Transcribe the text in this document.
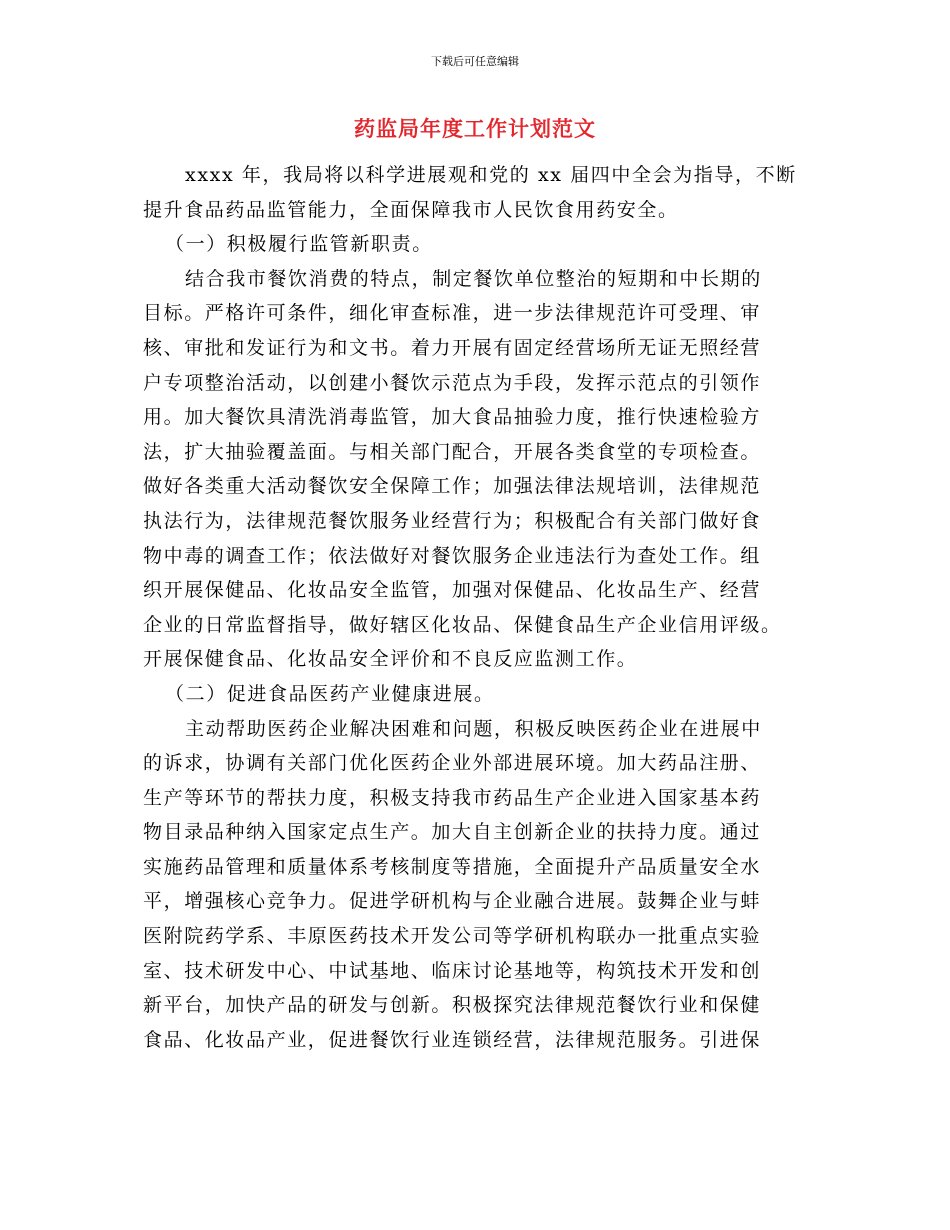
下载后可任意编辑
药监局年度工作计划范文
xxxx 年，我局将以科学进展观和党的 xx 届四中全会为指导，不断
提升食品药品监管能力，全面保障我市人民饮食用药安全。
（一）积极履行监管新职责。
结合我市餐饮消费的特点，制定餐饮单位整治的短期和中长期的
目标。严格许可条件，细化审查标准，进一步法律规范许可受理、审
核、审批和发证行为和文书。着力开展有固定经营场所无证无照经营
户专项整治活动，以创建小餐饮示范点为手段，发挥示范点的引领作
用。加大餐饮具清洗消毒监管，加大食品抽验力度，推行快速检验方
法，扩大抽验覆盖面。与相关部门配合，开展各类食堂的专项检查。
做好各类重大活动餐饮安全保障工作；加强法律法规培训，法律规范
执法行为，法律规范餐饮服务业经营行为；积极配合有关部门做好食
物中毒的调查工作；依法做好对餐饮服务企业违法行为查处工作。组
织开展保健品、化妆品安全监管，加强对保健品、化妆品生产、经营
企业的日常监督指导，做好辖区化妆品、保健食品生产企业信用评级。
开展保健食品、化妆品安全评价和不良反应监测工作。
（二）促进食品医药产业健康进展。
主动帮助医药企业解决困难和问题，积极反映医药企业在进展中
的诉求，协调有关部门优化医药企业外部进展环境。加大药品注册、
生产等环节的帮扶力度，积极支持我市药品生产企业进入国家基本药
物目录品种纳入国家定点生产。加大自主创新企业的扶持力度。通过
实施药品管理和质量体系考核制度等措施，全面提升产品质量安全水
平，增强核心竞争力。促进学研机构与企业融合进展。鼓舞企业与蚌
医附院药学系、丰原医药技术开发公司等学研机构联办一批重点实验
室、技术研发中心、中试基地、临床讨论基地等，构筑技术开发和创
新平台，加快产品的研发与创新。积极探究法律规范餐饮行业和保健
食品、化妆品产业，促进餐饮行业连锁经营，法律规范服务。引进保
